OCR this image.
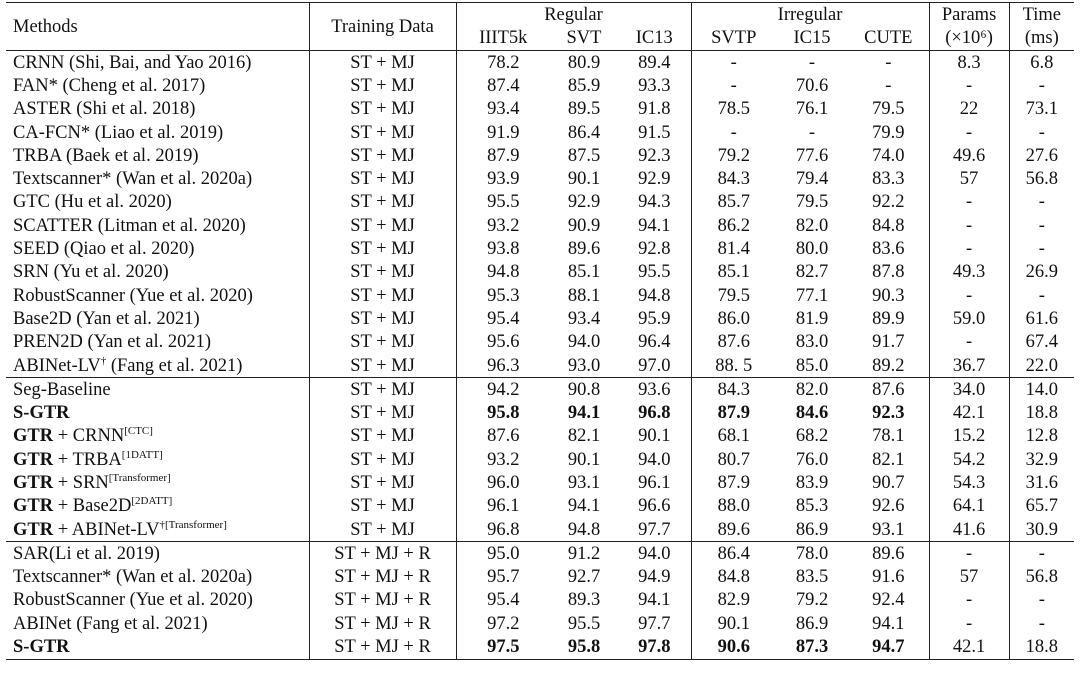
Methods	Training Data	Regular			Irregular			Params	Time
		IIIT5k	SVT	IC13	SVTP	IC15	CUTE	(×10⁶)	(ms)
CRNN (Shi, Bai, and Yao 2016)	ST + MJ	78.2	80.9	89.4	-	-	-	8.3	6.8
FAN* (Cheng et al. 2017)	ST + MJ	87.4	85.9	93.3	-	70.6	-	-	-
ASTER (Shi et al. 2018)	ST + MJ	93.4	89.5	91.8	78.5	76.1	79.5	22	73.1
CA-FCN* (Liao et al. 2019)	ST + MJ	91.9	86.4	91.5	-	-	79.9	-	-
TRBA (Baek et al. 2019)	ST + MJ	87.9	87.5	92.3	79.2	77.6	74.0	49.6	27.6
Textscanner* (Wan et al. 2020a)	ST + MJ	93.9	90.1	92.9	84.3	79.4	83.3	57	56.8
GTC (Hu et al. 2020)	ST + MJ	95.5	92.9	94.3	85.7	79.5	92.2	-	-
SCATTER (Litman et al. 2020)	ST + MJ	93.2	90.9	94.1	86.2	82.0	84.8	-	-
SEED (Qiao et al. 2020)	ST + MJ	93.8	89.6	92.8	81.4	80.0	83.6	-	-
SRN (Yu et al. 2020)	ST + MJ	94.8	85.1	95.5	85.1	82.7	87.8	49.3	26.9
RobustScanner (Yue et al. 2020)	ST + MJ	95.3	88.1	94.8	79.5	77.1	90.3	-	-
Base2D (Yan et al. 2021)	ST + MJ	95.4	93.4	95.9	86.0	81.9	89.9	59.0	61.6
PREN2D (Yan et al. 2021)	ST + MJ	95.6	94.0	96.4	87.6	83.0	91.7	-	67.4
ABINet-LV† (Fang et al. 2021)	ST + MJ	96.3	93.0	97.0	88. 5	85.0	89.2	36.7	22.0
Seg-Baseline	ST + MJ	94.2	90.8	93.6	84.3	82.0	87.6	34.0	14.0
S-GTR	ST + MJ	95.8	94.1	96.8	87.9	84.6	92.3	42.1	18.8
GTR + CRNN[CTC]	ST + MJ	87.6	82.1	90.1	68.1	68.2	78.1	15.2	12.8
GTR + TRBA[1DATT]	ST + MJ	93.2	90.1	94.0	80.7	76.0	82.1	54.2	32.9
GTR + SRN[Transformer]	ST + MJ	96.0	93.1	96.1	87.9	83.9	90.7	54.3	31.6
GTR + Base2D[2DATT]	ST + MJ	96.1	94.1	96.6	88.0	85.3	92.6	64.1	65.7
GTR + ABINet-$LV^{\dagger[Transformer]}$	ST + MJ	96.8	94.8	97.7	89.6	86.9	93.1	41.6	30.9
SAR(Li et al. 2019)	ST + MJ + R	95.0	91.2	94.0	86.4	78.0	89.6	-	-
Textscanner* (Wan et al. 2020a)	ST + MJ + R	95.7	92.7	94.9	84.8	83.5	91.6	57	56.8
RobustScanner (Yue et al. 2020)	ST + MJ + R	95.4	89.3	94.1	82.9	79.2	92.4	-	-
ABINet (Fang et al. 2021)	ST + MJ + R	97.2	95.5	97.7	90.1	86.9	94.1	-	-
S-GTR	ST + MJ + R	97.5	95.8	97.8	90.6	87.3	94.7	42.1	18.8
